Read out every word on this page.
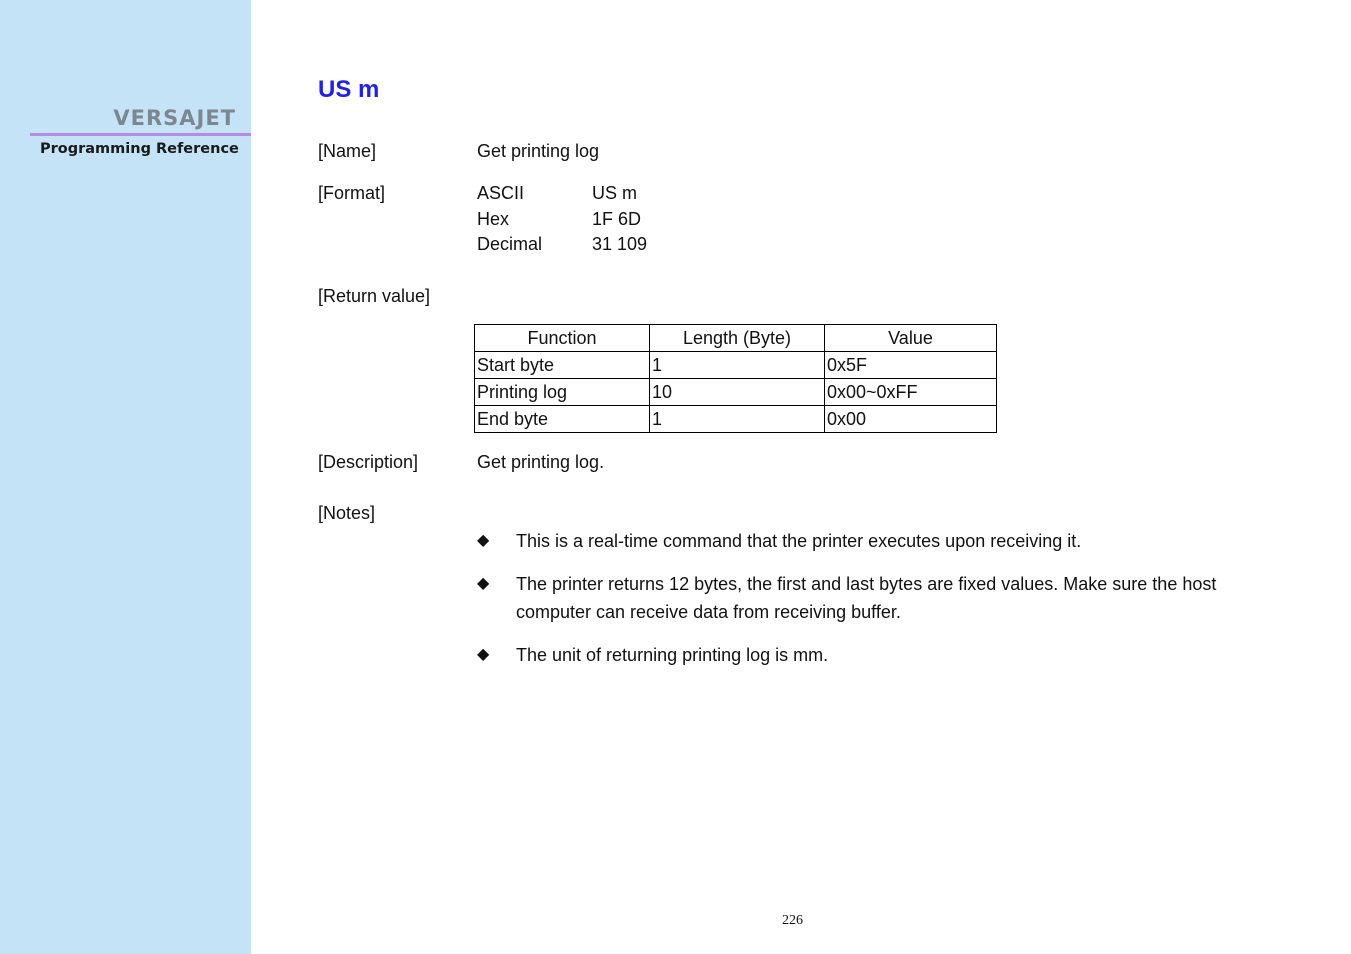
VERSAJET
Programming Reference
US m
[Name]	Get printing log
[Format]	ASCII	US m
Hex	1F 6D
Decimal	31 109
[Return value]
Function	Length (Byte)	Value
Start byte	1	0x5F
Printing log	10	0x00~0xFF
End byte	1	0x00
[Description]	Get printing log.
[Notes]
◆	This is a real-time command that the printer executes upon receiving it.
◆	The printer returns 12 bytes, the first and last bytes are fixed values. Make sure the host computer can receive data from receiving buffer.
◆	The unit of returning printing log is mm.
226
